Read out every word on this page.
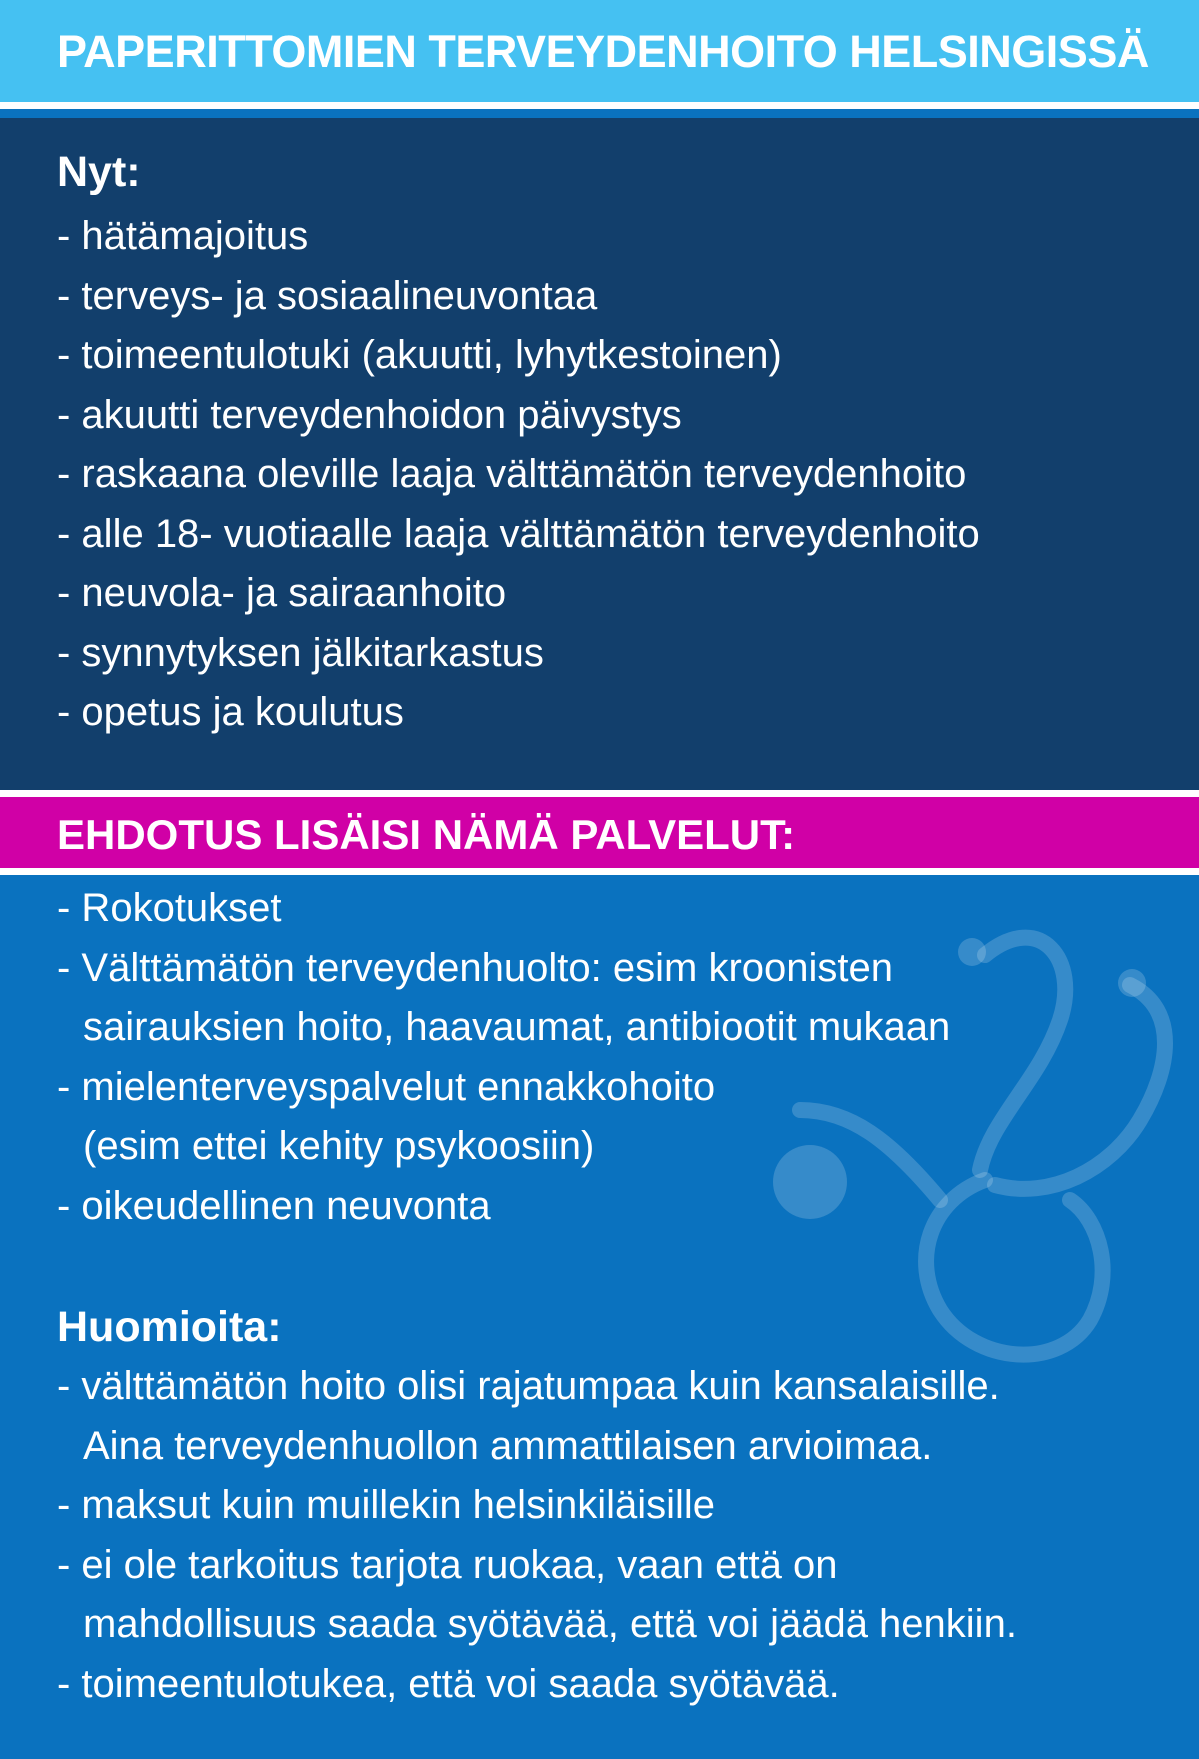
PAPERITTOMIEN TERVEYDENHOITO HELSINGISSÄ
Nyt:
- hätämajoitus
- terveys- ja sosiaalineuvontaa
- toimeentulotuki (akuutti, lyhytkestoinen)
- akuutti terveydenhoidon päivystys
- raskaana oleville laaja välttämätön terveydenhoito
- alle 18- vuotiaalle laaja välttämätön terveydenhoito
- neuvola- ja sairaanhoito
- synnytyksen jälkitarkastus
- opetus ja koulutus
EHDOTUS LISÄISI NÄMÄ PALVELUT:
- Rokotukset
- Välttämätön terveydenhuolto: esim kroonisten
sairauksien hoito, haavaumat, antibiootit mukaan
- mielenterveyspalvelut ennakkohoito
(esim ettei kehity psykoosiin)
- oikeudellinen neuvonta
Huomioita:
- välttämätön hoito olisi rajatumpaa kuin kansalaisille.
Aina terveydenhuollon ammattilaisen arvioimaa.
- maksut kuin muillekin helsinkiläisille
- ei ole tarkoitus tarjota ruokaa, vaan että on
mahdollisuus saada syötävää, että voi jäädä henkiin.
- toimeentulotukea, että voi saada syötävää.
